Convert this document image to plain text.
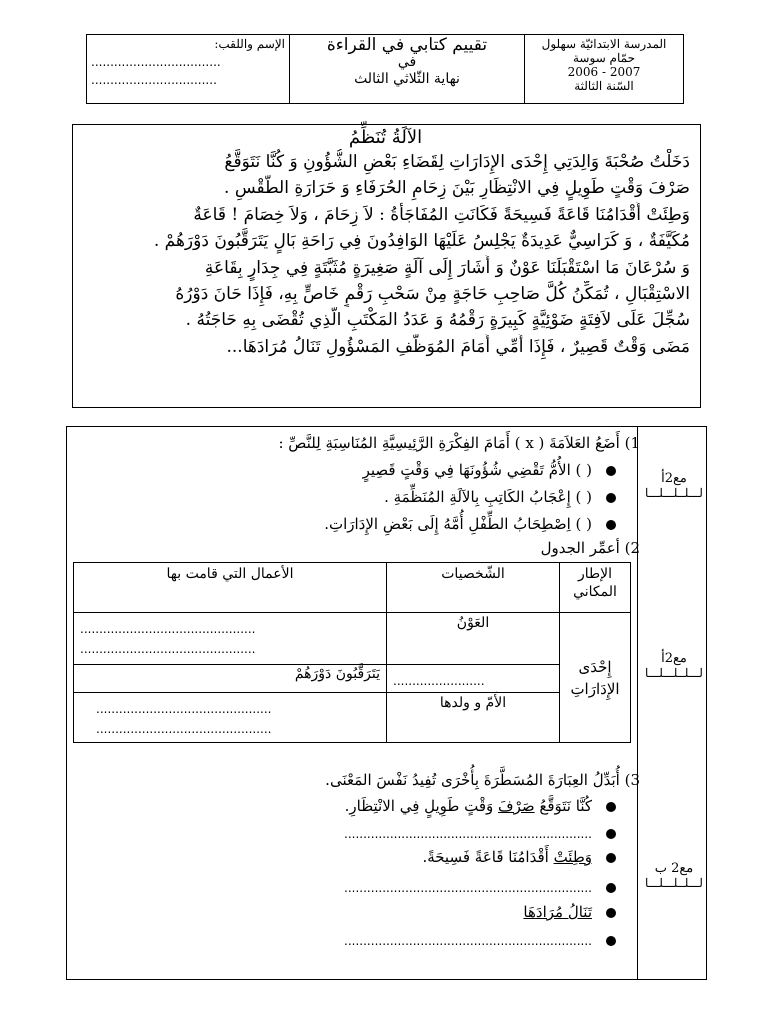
المدرسة الابتدائيّة سهلول
حمّام سوسة
2007 - 2006
السّنة الثالثة

تقييم كتابي في القراءة
في
نهاية الثّلاثي الثالث

الإسم واللقب:
..................................
.................................
الآلَةُ تُنَظِّمُ
دَخَلْتُ صُحْبَةَ وَالِدَتِي إِحْدَى الإِدَارَاتِ لِقَضَاءِ بَعْضِ الشُّؤُونِ وَ كُنَّا نَتَوَقَّعُ
صَرْفَ وَقْتٍ طَوِيلٍ فِي الانْتِظَارِ بَيْنَ زِحَامِ الحُرَفَاءِ وَ حَرَارَةِ الطَّقْسِ .
وَطِئَتْ أَقْدَامُنَا قَاعَةً فَسِيحَةً فَكَانَتِ المُفَاجَأَةُ : لاَ زِحَامَ ، وَلاَ خِصَامَ ! قَاعَةٌ
مُكَيَّفَةٌ ، وَ كَرَاسِيٌّ عَدِيدَةٌ يَجْلِسُ عَلَيْهَا الوَافِدُونَ فِي رَاحَةِ بَالٍ يَتَرَقَّبُونَ دَوْرَهُمْ .
وَ سُرْعَانَ مَا اسْتَقْبَلَنَا عَوْنٌ وَ أَشَارَ إِلَى آلَةٍ صَغِيرَةٍ مُثَبَّتَةٍ فِي جِدَارٍ بِقَاعَةِ
الاسْتِقْبَالِ ، تُمَكِّنُ كُلَّ صَاحِبِ حَاجَةٍ مِنْ سَحْبِ رَقْمٍ خَاصٍّ بِهِ، فَإِذَا حَانَ دَوْرُهُ
سُجِّلَ عَلَى لاَفِتَةٍ ضَوْئِيَّةٍ كَبِيرَةٍ رَقْمُهُ وَ عَدَدُ المَكْتَبِ الَّذِي تُقْضَى بِهِ حَاجَتُهُ .
مَضَى وَقْتٌ قَصِيرٌ ، فَإِذَا أُمِّي أَمَامَ المُوَظَّفِ المَسْؤُولِ تَنَالُ مُرَادَهَا...
مع2أ
لـــلــلـــلـــا
مع2أ
لـــلــلـــلـــا
مع2 ب
لـــلــلـــلـــا
1) أَضَعُ العَلاَمَةَ ( x ) أَمَامَ الفِكْرَةِ الرَّئِيسِيَّةِ المُنَاسِبَةِ لِلنَّصِّ :
( ) الأُمُّ تَقْضِي شُؤُونَهَا فِي وَقْتٍ قَصِيرٍ
( ) إِعْجَابُ الكَاتِبِ بِالآلَةِ المُنَظِّمَةِ .
( ) اِصْطِحَابُ الطِّفْلِ أُمَّهُ إِلَى بَعْضِ الإِدَارَاتِ.
2) أعمِّر الجدول
الإطار المكاني	الشّخصيات	الأعمال التي قامت بها
إِحْدَى الإِدَارَاتِ	العَوْنُ	..............................................
..............................................

	........................	يَتَرَقَّبُونَ دَوْرَهُمْ
	الأَمّ و ولدها	..............................................
..............................................
3) أُبَدِّلُ العِبَارَةَ المُسَطَّرَةَ بِأُخْرَى تُفِيدُ نَفْسَ المَعْنَى.
كُنَّا نَتَوَقَّعُ صَرْفَ وَقْتٍ طَوِيلٍ فِي الانْتِظَارِ.
.................................................................
وَطِئَتْ أَقْدَامُنَا قَاعَةً فَسِيحَةً.
.................................................................
تَنَالُ مُرَادَهَا
.................................................................
